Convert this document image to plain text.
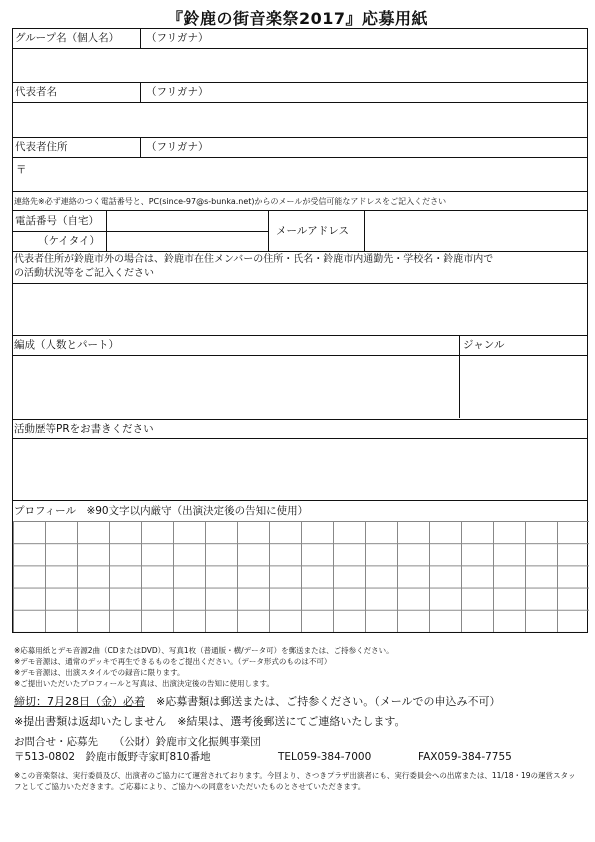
『鈴鹿の街音楽祭2017』応募用紙
グループ名（個人名）	（フリガナ）
代表者名	（フリガナ）
代表者住所	（フリガナ）
〒
連絡先※必ず連絡のつく電話番号と、PC(since-97@s-bunka.net)からのメールが受信可能なアドレスをご記入ください
電話番号（自宅）
（ケイタイ）
メールアドレス
代表者住所が鈴鹿市外の場合は、鈴鹿市在住メンバーの住所・氏名・鈴鹿市内通勤先・学校名・鈴鹿市内で
の活動状況等をご記入ください
編成（人数とパート）	ジャンル
活動歴等PRをお書きください
プロフィール　※90文字以内厳守（出演決定後の告知に使用）
※応募用紙とデモ音源2曲（CDまたはDVD）、写真1枚（普通版・横/データ可）を郵送または、ご持参ください。
※デモ音源は、通常のデッキで再生できるものをご提出ください。（データ形式のものは不可）
※デモ音源は、出演スタイルでの録音に限ります。
※ご提出いただいたプロフィールと写真は、出演決定後の告知に使用します。
締切：7月28日（金）必着　※応募書類は郵送または、ご持参ください。（メールでの申込み不可）
※提出書類は返却いたしません　※結果は、選考後郵送にてご連絡いたします。
お問合せ・応募先　　（公財）鈴鹿市文化振興事業団
〒513-0802　鈴鹿市飯野寺家町810番地	TEL059-384-7000	FAX059-384-7755
※この音楽祭は、実行委員及び、出演者のご協力にて運営されております。今回より、さつきプラザ出演者にも、実行委員会への出席または、11/18・19の運営スタッフとしてご協力いただきます。ご応募により、ご協力への同意をいただいたものとさせていただきます。
